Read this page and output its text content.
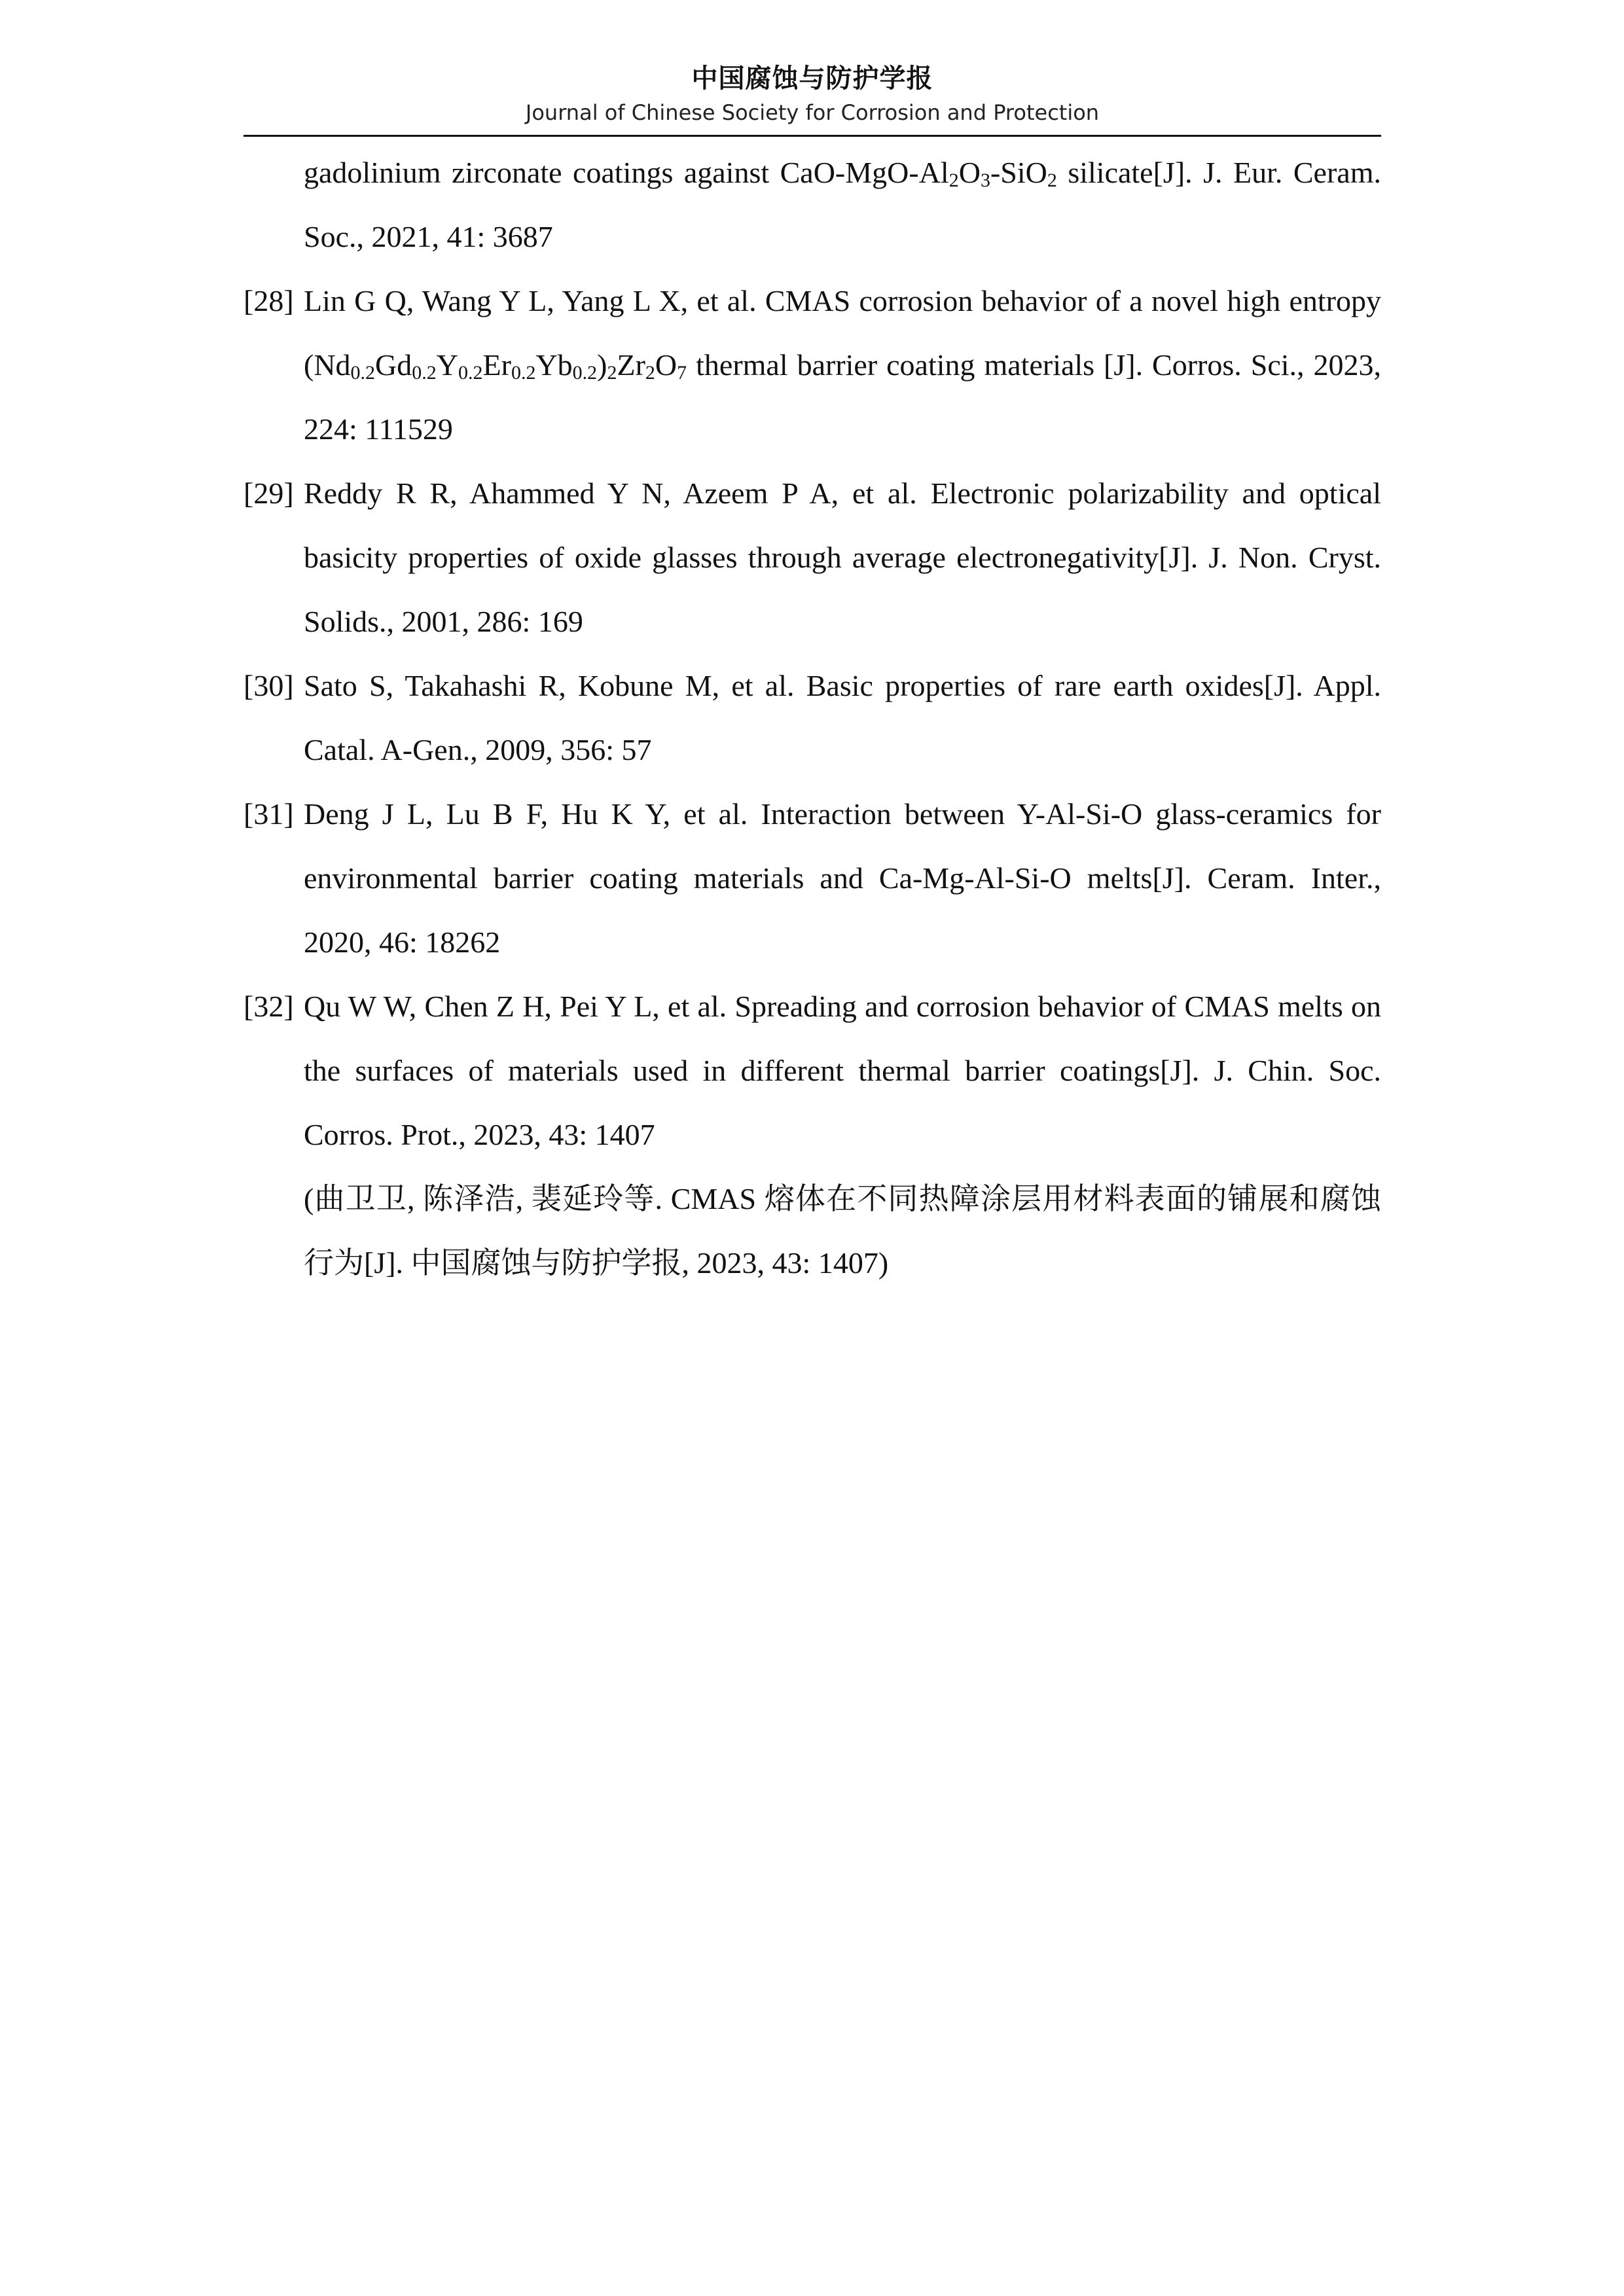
中国腐蚀与防护学报
Journal of Chinese Society for Corrosion and Protection
gadolinium zirconate coatings against CaO-$MgO-Al_2O_3-SiO_2$ silicate[J]. J. Eur. Ceram. Soc., 2021, 41: 3687
[28] Lin G Q, Wang Y L, Yang L X, et al. CMAS corrosion behavior of a novel high entropy $(Nd_{0.2}Gd_{0.2}Y_{0.2}Er_{0.2}Yb_{0.2})_2Zr_2O_7$ thermal barrier coating materials [J]. Corros. Sci., 2023, 224: 111529
[29] Reddy R R, Ahammed Y N, Azeem P A, et al. Electronic polarizability and optical basicity properties of oxide glasses through average electronegativity[J]. J. Non. Cryst. Solids., 2001, 286: 169
[30] Sato S, Takahashi R, Kobune M, et al. Basic properties of rare earth oxides[J]. Appl. Catal. A-Gen., 2009, 356: 57
[31] Deng J L, Lu B F, Hu K Y, et al. Interaction between Y-Al-Si-O glass-ceramics for environmental barrier coating materials and Ca-Mg-Al-Si-O melts[J]. Ceram. Inter., 2020, 46: 18262
[32] Qu W W, Chen Z H, Pei Y L, et al. Spreading and corrosion behavior of CMAS melts on the surfaces of materials used in different thermal barrier coatings[J]. J. Chin. Soc. Corros. Prot., 2023, 43: 1407
(曲卫卫, 陈泽浩, 裴延玲等. CMAS 熔体在不同热障涂层用材料表面的铺展和腐蚀行为[J]. 中国腐蚀与防护学报, 2023, 43: 1407)
